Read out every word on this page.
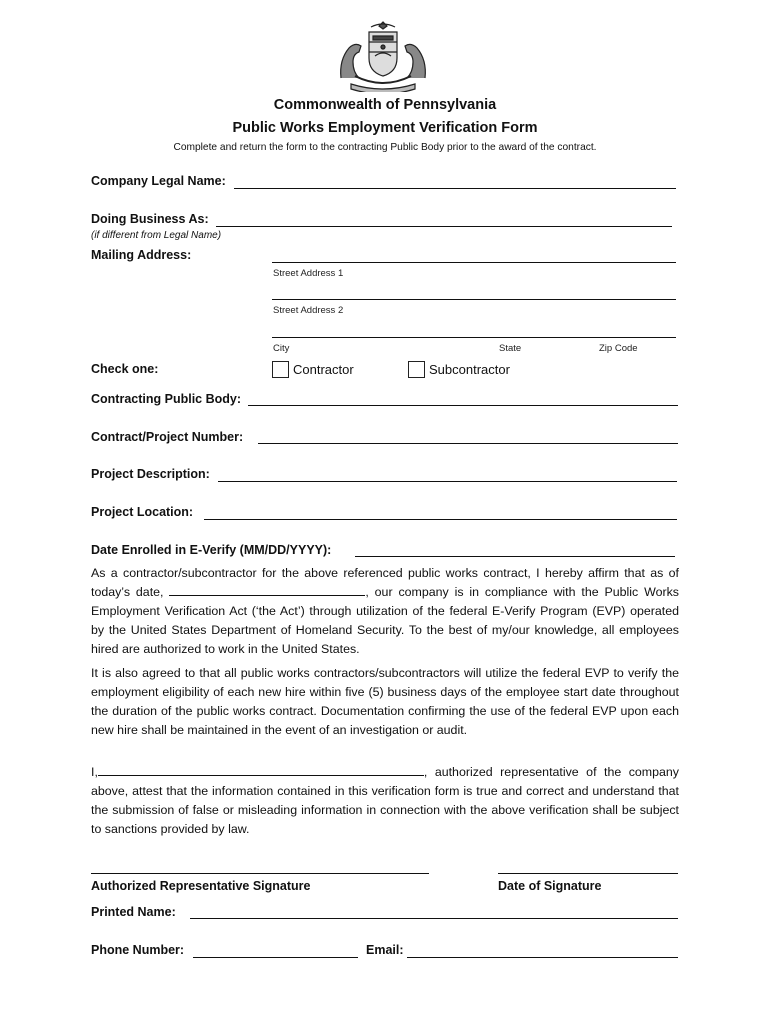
Commonwealth of Pennsylvania
Public Works Employment Verification Form
Complete and return the form to the contracting Public Body prior to the award of the contract.
Company Legal Name:
Doing Business As:
(if different from Legal Name)
Mailing Address:
Street Address 1
Street Address 2
City	State	Zip Code
Check one:	Contractor	Subcontractor
Contracting Public Body:
Contract/Project Number:
Project Description:
Project Location:
Date Enrolled in E-Verify (MM/DD/YYYY):
As a contractor/subcontractor for the above referenced public works contract, I hereby affirm that as of today’s date,	, our company is in compliance with the Public Works Employment Verification Act (‘the Act’) through utilization of the federal E-Verify Program (EVP) operated by the United States Department of Homeland Security. To the best of my/our knowledge, all employees hired are authorized to work in the United States.
It is also agreed to that all public works contractors/subcontractors will utilize the federal EVP to verify the employment eligibility of each new hire within five (5) business days of the employee start date throughout the duration of the public works contract. Documentation confirming the use of the federal EVP upon each new hire shall be maintained in the event of an investigation or audit.
I,	, authorized representative of the company above, attest that the information contained in this verification form is true and correct and understand that the submission of false or misleading information in connection with the above verification shall be subject to sanctions provided by law.
Authorized Representative Signature	Date of Signature
Printed Name:
Phone Number:	Email:
